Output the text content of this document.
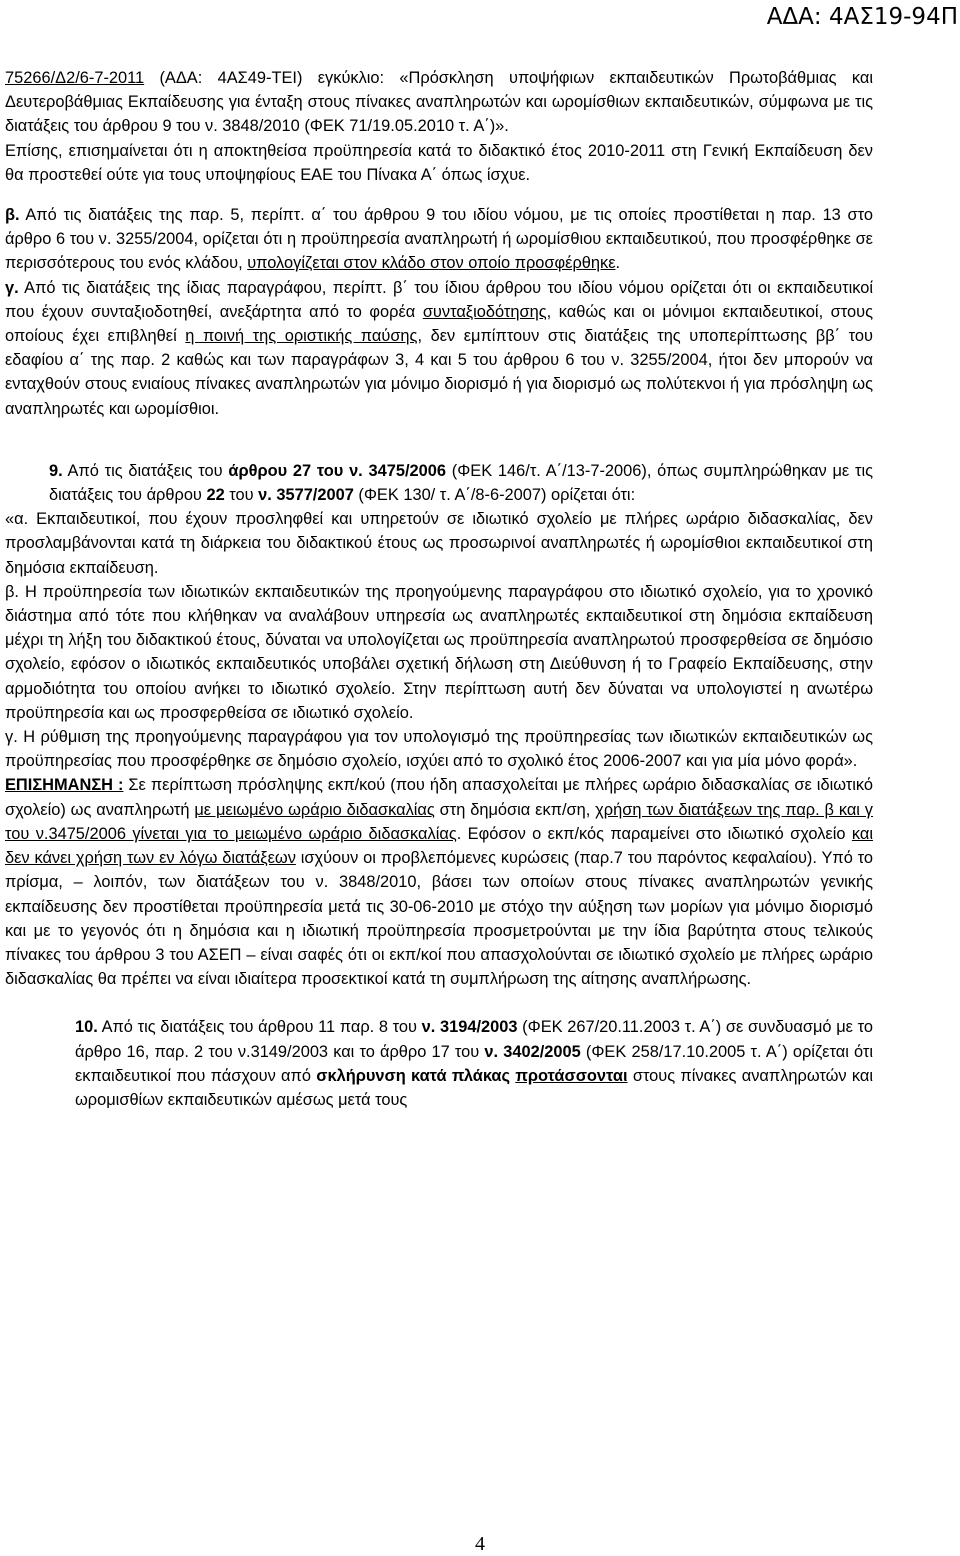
ΑΔΑ: 4ΑΣ19-94Π

75266/Δ2/6-7-2011 (ΑΔΑ: 4ΑΣ49-ΤΕΙ) εγκύκλιο: «Πρόσκληση υποψήφιων εκπαιδευτικών Πρωτοβάθμιας και Δευτεροβάθμιας Εκπαίδευσης για ένταξη στους πίνακες αναπληρωτών και ωρομίσθιων εκπαιδευτικών, σύμφωνα με τις διατάξεις του άρθρου 9 του ν. 3848/2010 (ΦΕΚ 71/19.05.2010 τ. Α΄)».

Επίσης, επισημαίνεται ότι η αποκτηθείσα προϋπηρεσία κατά το διδακτικό έτος 2010-2011 στη Γενική Εκπαίδευση δεν θα προστεθεί ούτε για τους υποψηφίους ΕΑΕ του Πίνακα Α΄ όπως ίσχυε.

β. Από τις διατάξεις της παρ. 5, περίπτ. α΄ του άρθρου 9 του ιδίου νόμου, με τις οποίες προστίθεται η παρ. 13 στο άρθρο 6 του ν. 3255/2004, ορίζεται ότι η προϋπηρεσία αναπληρωτή ή ωρομίσθιου εκπαιδευτικού, που προσφέρθηκε σε περισσότερους του ενός κλάδου, υπολογίζεται στον κλάδο στον οποίο προσφέρθηκε.

γ. Από τις διατάξεις της ίδιας παραγράφου, περίπτ. β΄ του ίδιου άρθρου του ιδίου νόμου ορίζεται ότι οι εκπαιδευτικοί που έχουν συνταξιοδοτηθεί, ανεξάρτητα από το φορέα συνταξιοδότησης, καθώς και οι μόνιμοι εκπαιδευτικοί, στους οποίους έχει επιβληθεί η ποινή της οριστικής παύσης, δεν εμπίπτουν στις διατάξεις της υποπερίπτωσης ββ΄ του εδαφίου α΄ της παρ. 2 καθώς και των παραγράφων 3, 4 και 5 του άρθρου 6 του ν. 3255/2004, ήτοι δεν μπορούν να ενταχθούν στους ενιαίους πίνακες αναπληρωτών για μόνιμο διορισμό ή για διορισμό ως πολύτεκνοι ή για πρόσληψη ως αναπληρωτές και ωρομίσθιοι.

9. Από τις διατάξεις του άρθρου 27 του ν. 3475/2006 (ΦΕΚ 146/τ. Α΄/13-7-2006), όπως συμπληρώθηκαν με τις διατάξεις του άρθρου 22 του ν. 3577/2007 (ΦΕΚ 130/ τ. Α΄/8-6-2007) ορίζεται ότι:

«α. Εκπαιδευτικοί, που έχουν προσληφθεί και υπηρετούν σε ιδιωτικό σχολείο με πλήρες ωράριο διδασκαλίας, δεν προσλαμβάνονται κατά τη διάρκεια του διδακτικού έτους ως προσωρινοί αναπληρωτές ή ωρομίσθιοι εκπαιδευτικοί στη δημόσια εκπαίδευση.

β. Η προϋπηρεσία των ιδιωτικών εκπαιδευτικών της προηγούμενης παραγράφου στο ιδιωτικό σχολείο, για το χρονικό διάστημα από τότε που κλήθηκαν να αναλάβουν υπηρεσία ως αναπληρωτές εκπαιδευτικοί στη δημόσια εκπαίδευση μέχρι τη λήξη του διδακτικού έτους, δύναται να υπολογίζεται ως προϋπηρεσία αναπληρωτού προσφερθείσα σε δημόσιο σχολείο, εφόσον ο ιδιωτικός εκπαιδευτικός υποβάλει σχετική δήλωση στη Διεύθυνση ή το Γραφείο Εκπαίδευσης, στην αρμοδιότητα του οποίου ανήκει το ιδιωτικό σχολείο. Στην περίπτωση αυτή δεν δύναται να υπολογιστεί η ανωτέρω προϋπηρεσία και ως προσφερθείσα σε ιδιωτικό σχολείο.

γ. Η ρύθμιση της προηγούμενης παραγράφου για τον υπολογισμό της προϋπηρεσίας των ιδιωτικών εκπαιδευτικών ως προϋπηρεσίας που προσφέρθηκε σε δημόσιο σχολείο, ισχύει από το σχολικό έτος 2006-2007 και για μία μόνο φορά».

ΕΠΙΣΗΜΑΝΣΗ : Σε περίπτωση πρόσληψης εκπ/κού (που ήδη απασχολείται με πλήρες ωράριο διδασκαλίας σε ιδιωτικό σχολείο) ως αναπληρωτή με μειωμένο ωράριο διδασκαλίας στη δημόσια εκπ/ση, χρήση των διατάξεων της παρ. β και γ του ν.3475/2006 γίνεται για το μειωμένο ωράριο διδασκαλίας. Εφόσον ο εκπ/κός παραμείνει στο ιδιωτικό σχολείο και δεν κάνει χρήση των εν λόγω διατάξεων ισχύουν οι προβλεπόμενες κυρώσεις (παρ.7 του παρόντος κεφαλαίου). Υπό το πρίσμα, – λοιπόν, των διατάξεων του ν. 3848/2010, βάσει των οποίων στους πίνακες αναπληρωτών γενικής εκπαίδευσης δεν προστίθεται προϋπηρεσία μετά τις 30-06-2010 με στόχο την αύξηση των μορίων για μόνιμο διορισμό και με το γεγονός ότι η δημόσια και η ιδιωτική προϋπηρεσία προσμετρούνται με την ίδια βαρύτητα στους τελικούς πίνακες του άρθρου 3 του ΑΣΕΠ – είναι σαφές ότι οι εκπ/κοί που απασχολούνται σε ιδιωτικό σχολείο με πλήρες ωράριο διδασκαλίας θα πρέπει να είναι ιδιαίτερα προσεκτικοί κατά τη συμπλήρωση της αίτησης αναπλήρωσης.

10. Από τις διατάξεις του άρθρου 11 παρ. 8 του ν. 3194/2003 (ΦΕΚ 267/20.11.2003 τ. Α΄) σε συνδυασμό με το άρθρο 16, παρ. 2 του ν.3149/2003 και το άρθρο 17 του ν. 3402/2005 (ΦΕΚ 258/17.10.2005 τ. Α΄) ορίζεται ότι εκπαιδευτικοί που πάσχουν από σκλήρυνση κατά πλάκας προτάσσονται στους πίνακες αναπληρωτών και ωρομισθίων εκπαιδευτικών αμέσως μετά τους

4
